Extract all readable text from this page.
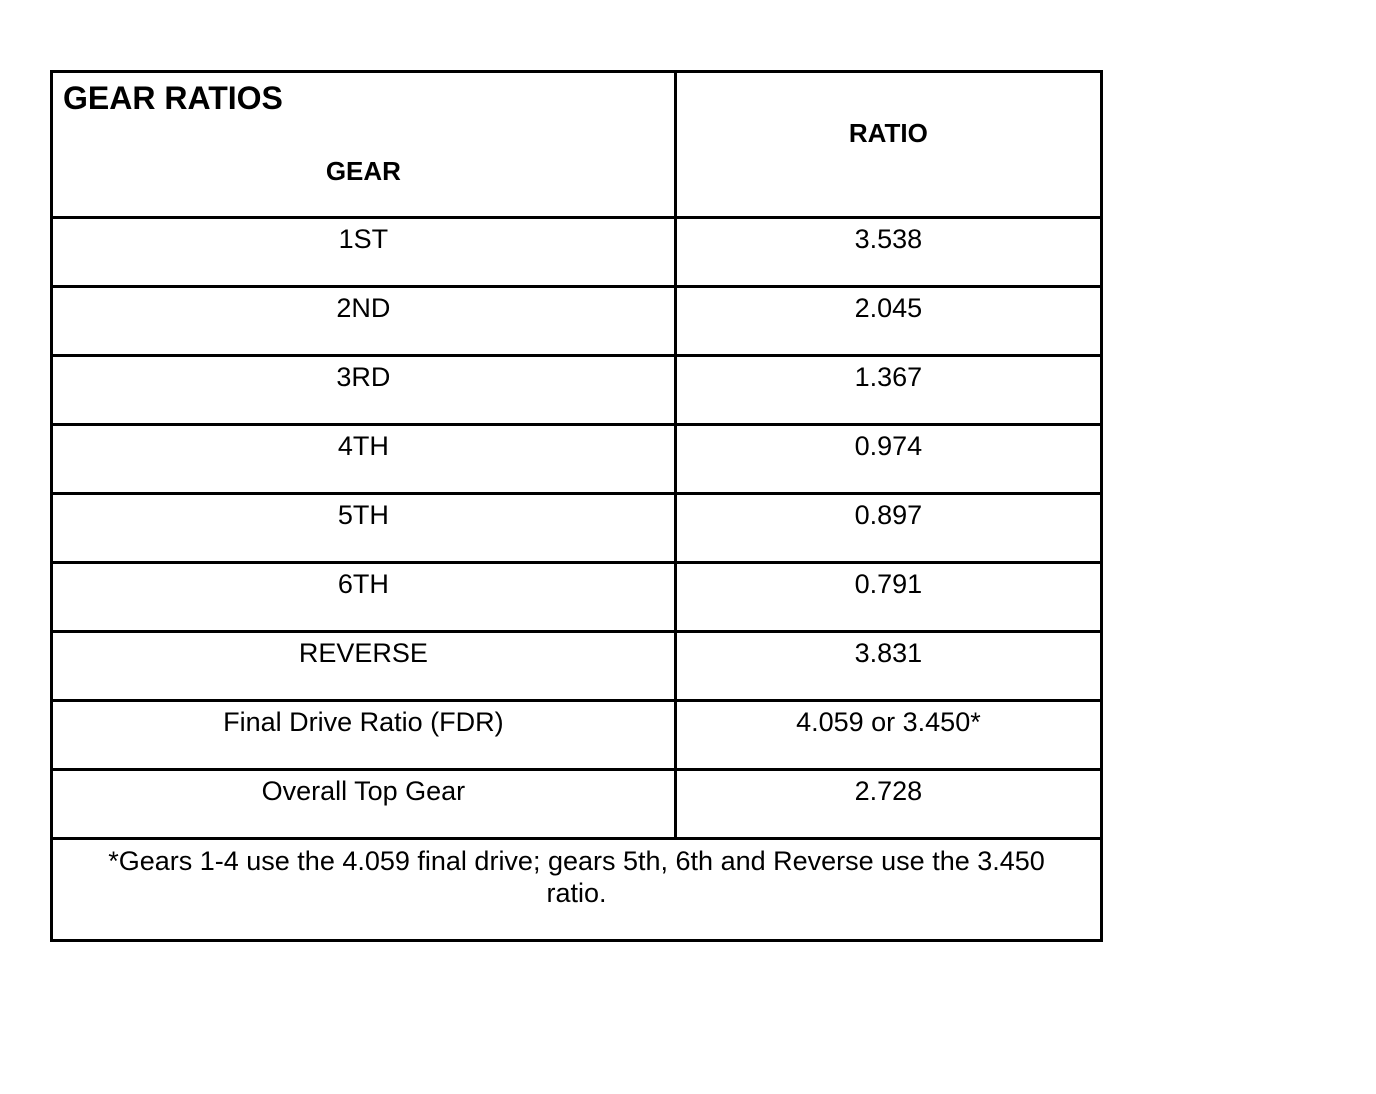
GEAR RATIOS
GEAR	RATIO

1ST	3.538

2ND	2.045

3RD	1.367

4TH	0.974

5TH	0.897

6TH	0.791

REVERSE	3.831

Final Drive Ratio (FDR)	4.059 or 3.450*

Overall Top Gear	2.728

*Gears 1-4 use the 4.059 final drive; gears 5th, 6th and Reverse use the 3.450 ratio.	
